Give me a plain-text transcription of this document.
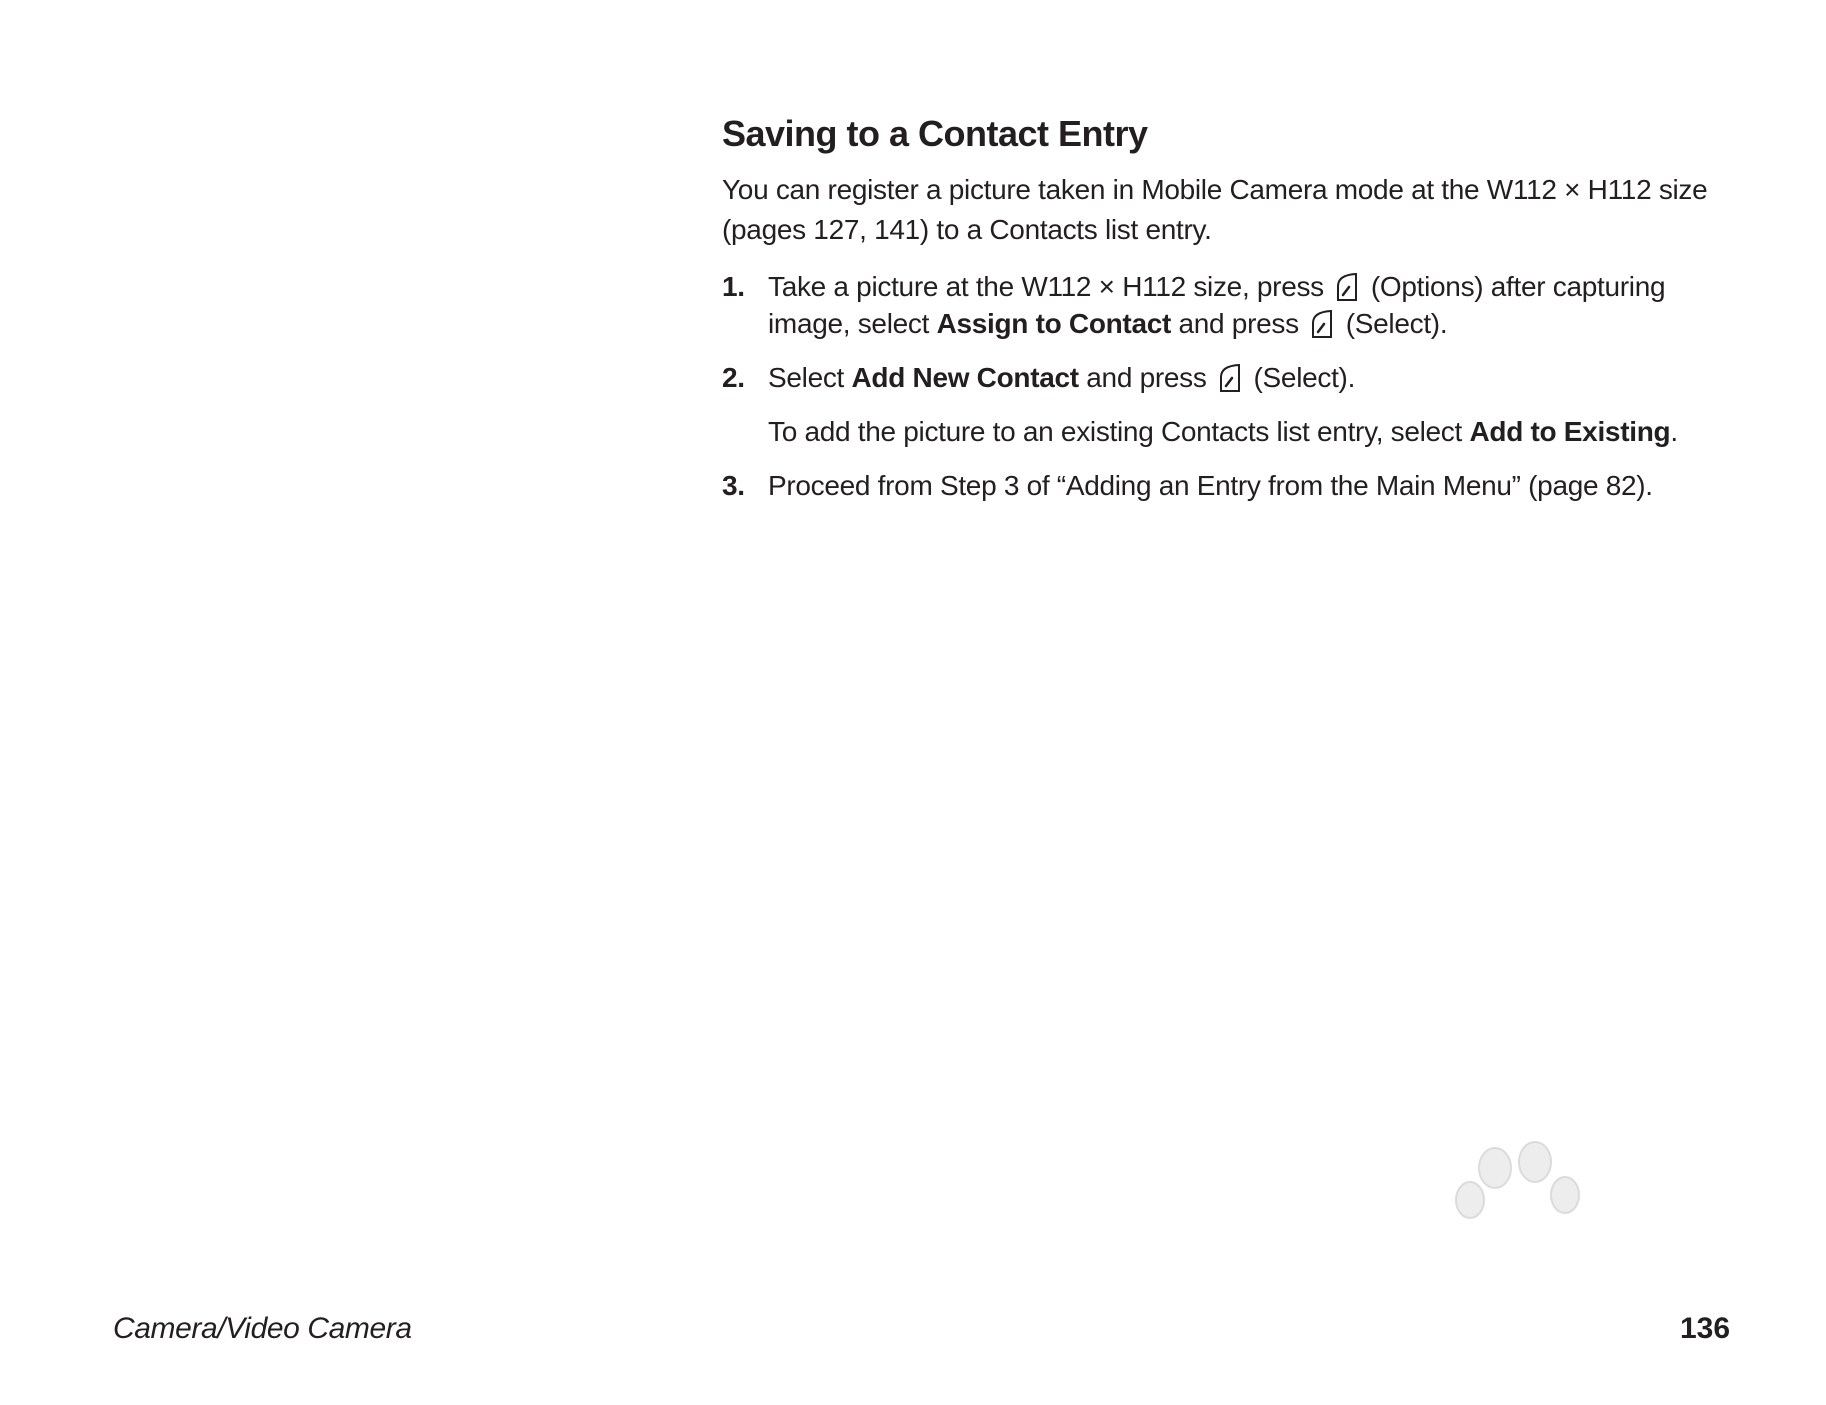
Saving to a Contact Entry

You can register a picture taken in Mobile Camera mode at the W112 × H112 size (pages 127, 141) to a Contacts list entry.

1. Take a picture at the W112 × H112 size, press (Options) after capturing image, select Assign to Contact and press (Select).
2. Select Add New Contact and press (Select).
To add the picture to an existing Contacts list entry, select Add to Existing.
3. Proceed from Step 3 of “Adding an Entry from the Main Menu” (page 82).
Camera/Video Camera	136
